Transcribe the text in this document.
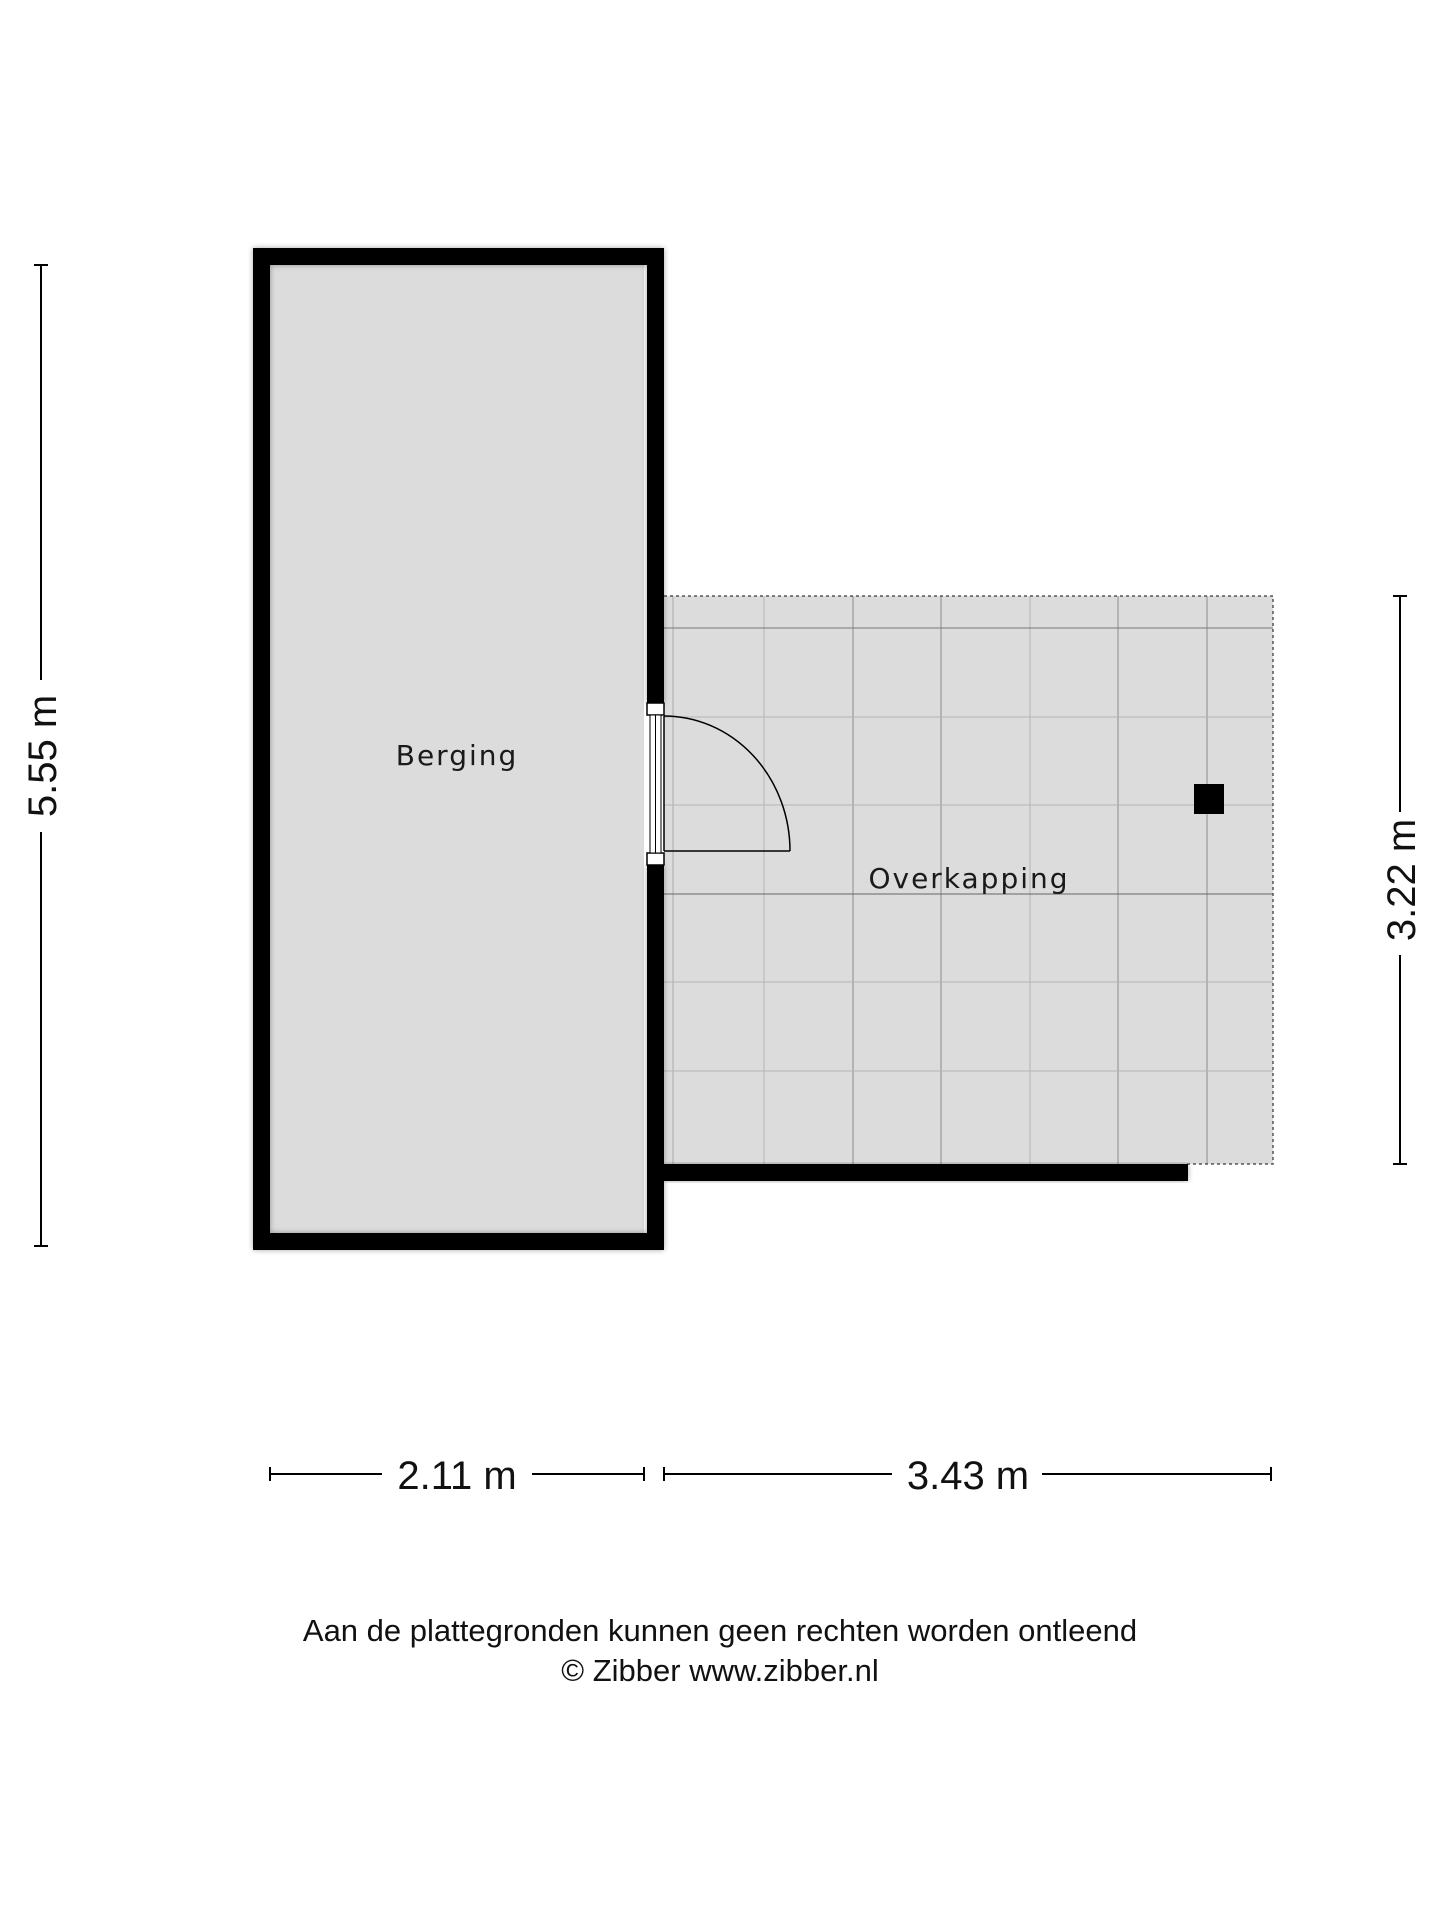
Berging
Overkapping
5.55 m
3.22 m
2.11 m	3.43 m
Aan de plattegronden kunnen geen rechten worden ontleend
© Zibber www.zibber.nl
